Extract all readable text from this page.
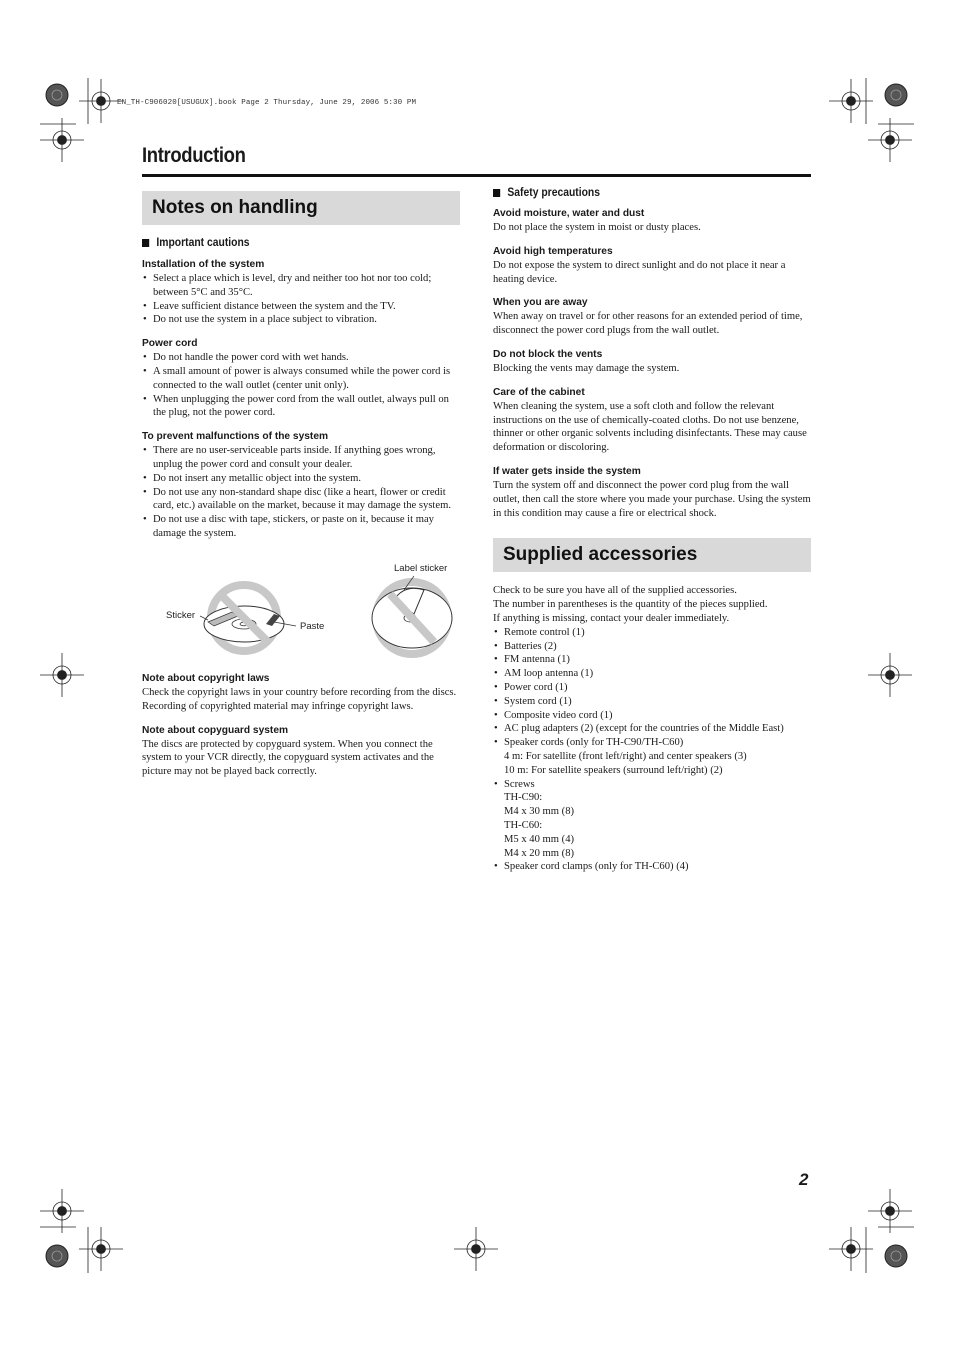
EN_TH-C906020[USUGUX].book Page 2 Thursday, June 29, 2006 5:30 PM
Introduction
Notes on handling
Important cautions
Installation of the system
• Select a place which is level, dry and neither too hot nor too cold; between 5°C and 35°C.
• Leave sufficient distance between the system and the TV.
• Do not use the system in a place subject to vibration.
Power cord
• Do not handle the power cord with wet hands.
• A small amount of power is always consumed while the power cord is connected to the wall outlet (center unit only).
• When unplugging the power cord from the wall outlet, always pull on the plug, not the power cord.
To prevent malfunctions of the system
• There are no user-serviceable parts inside. If anything goes wrong, unplug the power cord and consult your dealer.
• Do not insert any metallic object into the system.
• Do not use any non-standard shape disc (like a heart, flower or credit card, etc.) available on the market, because it may damage the system.
• Do not use a disc with tape, stickers, or paste on it, because it may damage the system.
Label sticker
Sticker
Paste
Note about copyright laws

Check the copyright laws in your country before recording from the discs. Recording of copyrighted material may infringe copyright laws.

Note about copyguard system

The discs are protected by copyguard system. When you connect the system to your VCR directly, the copyguard system activates and the picture may not be played back correctly.

Safety precautions
Avoid moisture, water and dust

Do not place the system in moist or dusty places.

Avoid high temperatures

Do not expose the system to direct sunlight and do not place it near a heating device.

When you are away

When away on travel or for other reasons for an extended period of time, disconnect the power cord plugs from the wall outlet.

Do not block the vents

Blocking the vents may damage the system.

Care of the cabinet

When cleaning the system, use a soft cloth and follow the relevant instructions on the use of chemically-coated cloths. Do not use benzene, thinner or other organic solvents including disinfectants. These may cause deformation or discoloring.

If water gets inside the system

Turn the system off and disconnect the power cord plug from the wall outlet, then call the store where you made your purchase. Using the system in this condition may cause a fire or electrical shock.

Supplied accessories

Check to be sure you have all of the supplied accessories.

The number in parentheses is the quantity of the pieces supplied.

If anything is missing, contact your dealer immediately.

• Remote control (1)
• Batteries (2)
• FM antenna (1)
• AM loop antenna (1)
• Power cord (1)
• System cord (1)
• Composite video cord (1)
• AC plug adapters (2) (except for the countries of the Middle East)
• Speaker cords (only for TH-C90/TH-C60)
4 m: For satellite (front left/right) and center speakers (3)
10 m: For satellite speakers (surround left/right) (2)
• Screws
TH-C90:
M4 x 30 mm (8)
TH-C60:
M5 x 40 mm (4)
M4 x 20 mm (8)
• Speaker cord clamps (only for TH-C60) (4)
2
